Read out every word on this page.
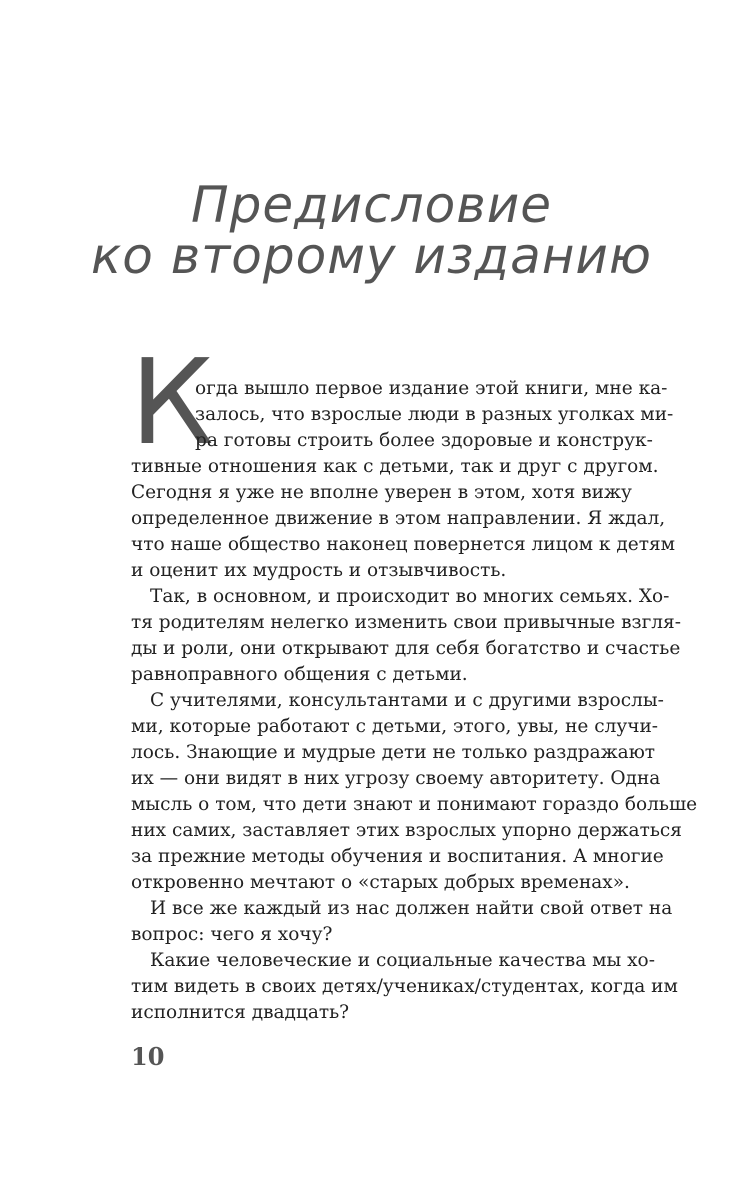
Предисловие
ко второму изданию
К
огда вышло первое издание этой книги, мне ка-
залось, что взрослые люди в разных уголках ми-
ра готовы строить более здоровые и конструк-
тивные отношения как с детьми, так и друг с другом.
Сегодня я уже не вполне уверен в этом, хотя вижу
определенное движение в этом направлении. Я ждал,
что наше общество наконец повернется лицом к детям
и оценит их мудрость и отзывчивость.
Так, в основном, и происходит во многих семьях. Хо-
тя родителям нелегко изменить свои привычные взгля-
ды и роли, они открывают для себя богатство и счастье
равноправного общения с детьми.
С учителями, консультантами и с другими взрослы-
ми, которые работают с детьми, этого, увы, не случи-
лось. Знающие и мудрые дети не только раздражают
их — они видят в них угрозу своему авторитету. Одна
мысль о том, что дети знают и понимают гораздо больше
них самих, заставляет этих взрослых упорно держаться
за прежние методы обучения и воспитания. А многие
откровенно мечтают о «старых добрых временах».
И все же каждый из нас должен найти свой ответ на
вопрос: чего я хочу?
Какие человеческие и социальные качества мы хо-
тим видеть в своих детях/учениках/студентах, когда им
исполнится двадцать?
10
